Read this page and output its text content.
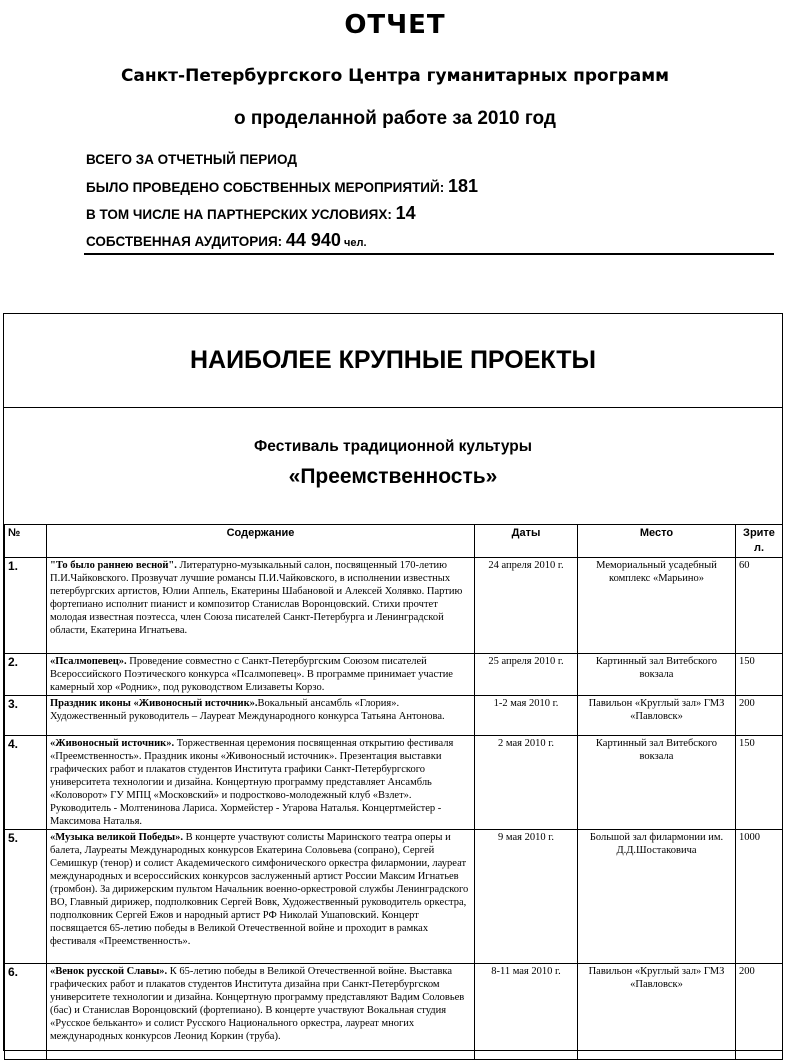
ОТЧЕТ
Санкт-Петербургского Центра гуманитарных программ
о проделанной работе за 2010 год
ВСЕГО ЗА ОТЧЕТНЫЙ ПЕРИОД
БЫЛО ПРОВЕДЕНО СОБСТВЕННЫХ МЕРОПРИЯТИЙ: 181
В ТОМ ЧИСЛЕ НА ПАРТНЕРСКИХ УСЛОВИЯХ: 14
СОБСТВЕННАЯ АУДИТОРИЯ: 44 940 чел.
НАИБОЛЕЕ КРУПНЫЕ ПРОЕКТЫ
Фестиваль традиционной культуры
«Преемственность»
№	Содержание	Даты	Место	Зрите л.
1.	"То было раннею весной". Литературно-музыкальный салон, посвященный 170-летию П.И.Чайковского. Прозвучат лучшие романсы П.И.Чайковского, в исполнении известных петербургских артистов, Юлии Аппель, Екатерины Шабановой и Алексей Холявко. Партию фортепиано исполнит пианист и композитор Станислав Воронцовский. Стихи прочтет молодая известная поэтесса, член Союза писателей Санкт-Петербурга и Ленинградской области, Екатерина Игнатьева.	24 апреля 2010 г.	Мемориальный усадебный комплекс «Марьино»	60
2.	«Псалмопевец». Проведение совместно с Санкт-Петербургским Союзом писателей Всероссийского Поэтического конкурса «Псалмопевец». В программе принимает участие камерный хор «Родник», под руководством Елизаветы Корзо.	25 апреля 2010 г.	Картинный зал Витебского вокзала	150
3.	Праздник иконы «Живоносный источник».Вокальный ансамбль «Глория». Художественный руководитель – Лауреат Международного конкурса Татьяна Антонова.	1-2 мая 2010 г.	Павильон «Круглый зал» ГМЗ «Павловск»	200
4.	«Живоносный источник». Торжественная церемония посвященная открытию фестиваля «Преемственность». Праздник иконы «Живоносный источник». Презентация выставки графических работ и плакатов студентов Института графики Санкт-Петербургского университета технологии и дизайна. Концертную программу представляет Ансамбль «Коловорот» ГУ МПЦ «Московский» и подростково-молодежный клуб «Взлет». Руководитель - Молтенинова Лариса. Хормейстер - Угарова Наталья. Концертмейстер - Максимова Наталья.	2 мая 2010 г.	Картинный зал Витебского вокзала	150
5.	«Музыка великой Победы». В концерте участвуют солисты Маринского театра оперы и балета, Лауреаты Международных конкурсов Екатерина Соловьева (сопрано), Сергей Семишкур (тенор) и солист Академического симфонического оркестра филармонии, лауреат международных и всероссийских конкурсов заслуженный артист России Максим Игнатьев (тромбон). За дирижерским пультом Начальник военно-оркестровой службы Ленинградского ВО, Главный дирижер, подполковник Сергей Вовк, Художественный руководитель оркестра, подполковник Сергей Ежов и народный артист РФ Николай Ушаповский. Концерт посвящается 65-летию победы в Великой Отечественной войне и проходит в рамках фестиваля «Преемственность».	9 мая 2010 г.	Большой зал филармонии им. Д.Д.Шостаковича	1000
6.	«Венок русской Славы». К 65-летию победы в Великой Отечественной войне. Выставка графических работ и плакатов студентов Института дизайна при Санкт-Петербургском университете технологии и дизайна. Концертную программу представляют Вадим Соловьев (бас) и Станислав Воронцовский (фортепиано). В концерте участвуют Вокальная студия «Русское бельканто» и солист Русского Национального оркестра, лауреат многих международных конкурсов Леонид Коркин (труба).	8-11 мая 2010 г.	Павильон «Круглый зал» ГМЗ «Павловск»	200
